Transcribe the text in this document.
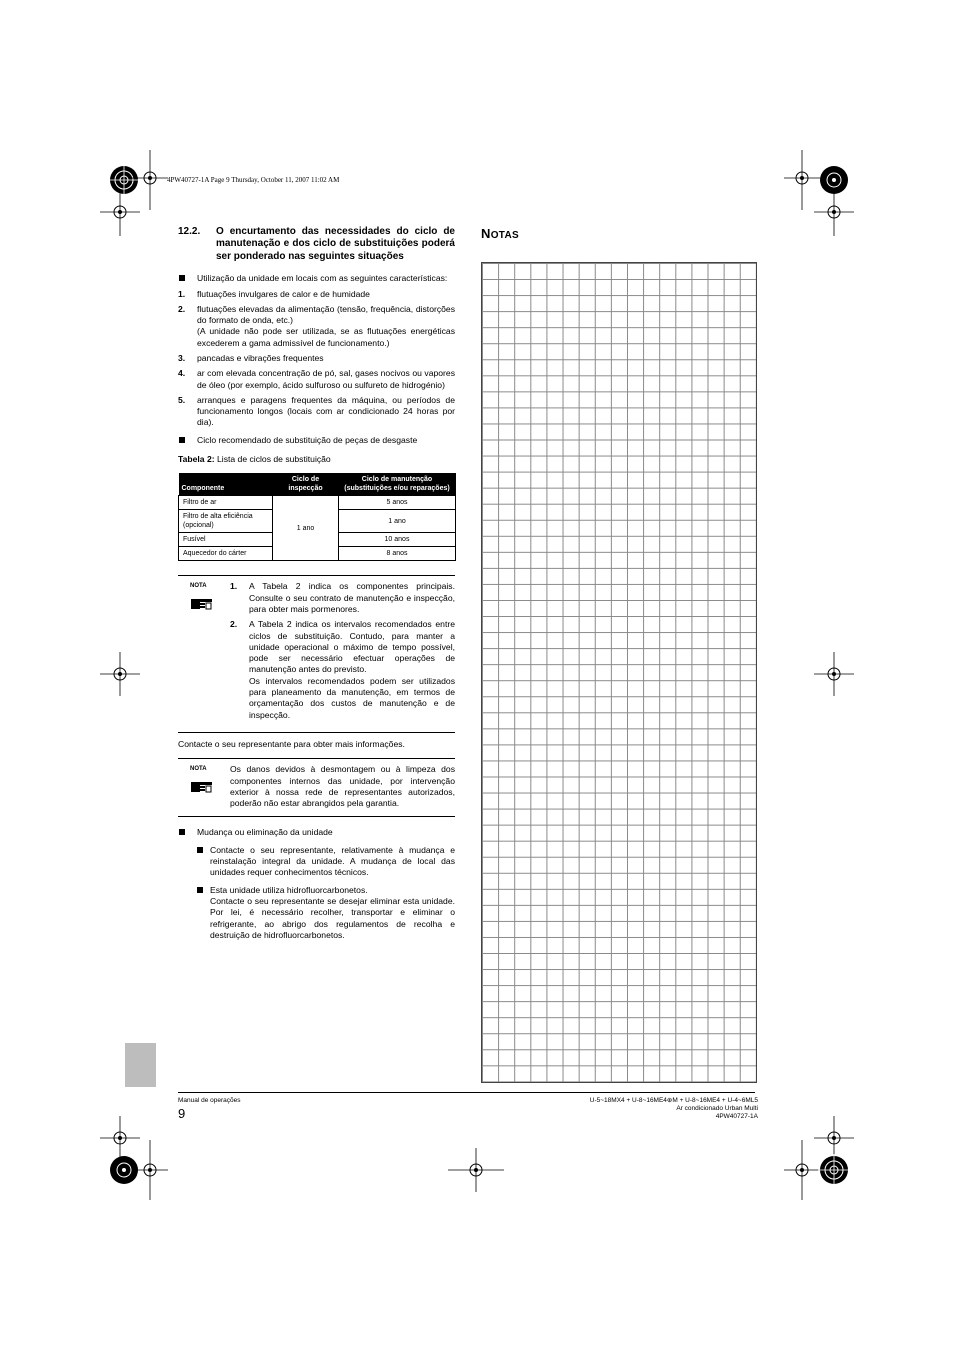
4PW40727-1A Page 9 Thursday, October 11, 2007 11:02 AM
12.2.	O encurtamento das necessidades do ciclo de manutenação e dos ciclo de substituições poderá ser ponderado nas seguintes situações
Utilização da unidade em locais com as seguintes características:
1.	flutuações invulgares de calor e de humidade
2.	flutuações elevadas da alimentação (tensão, frequência, distorções do formato de onda, etc.)
(A unidade não pode ser utilizada, se as flutuações energéticas excederem a gama admissível de funcionamento.)
3.	pancadas e vibrações frequentes
4.	ar com elevada concentração de pó, sal, gases nocivos ou vapores de óleo (por exemplo, ácido sulfuroso ou sulfureto de hidrogénio)
5.	arranques e paragens frequentes da máquina, ou períodos de funcionamento longos (locais com ar condicionado 24 horas por dia).
Ciclo recomendado de substituição de peças de desgaste
Tabela 2: Lista de ciclos de substituição
Componente	Ciclo de inspecção	Ciclo de manutenção (substituições e/ou reparações)
Filtro de ar	1 ano	5 anos
Filtro de alta eficiência (opcional)		1 ano
Fusível		10 anos
Aquecedor do cárter		8 anos
NOTA	1.	A Tabela 2 indica os componentes principais. Consulte o seu contrato de manutenção e inspecção, para obter mais pormenores.
2.	A Tabela 2 indica os intervalos recomendados entre ciclos de substituição. Contudo, para manter a unidade operacional o máximo de tempo possível, pode ser necessário efectuar operações de manutenção antes do previsto.
Os intervalos recomendados podem ser utilizados para planeamento da manutenção, em termos de orçamentação dos custos de manutenção e de inspecção.
Contacte o seu representante para obter mais informações.
NOTA	Os danos devidos à desmontagem ou à limpeza dos componentes internos das unidade, por intervenção exterior à nossa rede de representantes autorizados, poderão não estar abrangidos pela garantia.
Mudança ou eliminação da unidade
Contacte o seu representante, relativamente à mudança e reinstalação integral da unidade. A mudança de local das unidades requer conhecimentos técnicos.
Esta unidade utiliza hidrofluorcarbonetos.
Contacte o seu representante se desejar eliminar esta unidade. Por lei, é necessário recolher, transportar e eliminar o refrigerante, ao abrigo dos regulamentos de recolha e destruição de hidrofluorcarbonetos.
NOTAS
Manual de operações
9
U-5~18MX4 + U-8~16ME4⊕M + U-8~16ME4 + U-4~6ML5
Ar condicionado Urban Multi
4PW40727-1A
